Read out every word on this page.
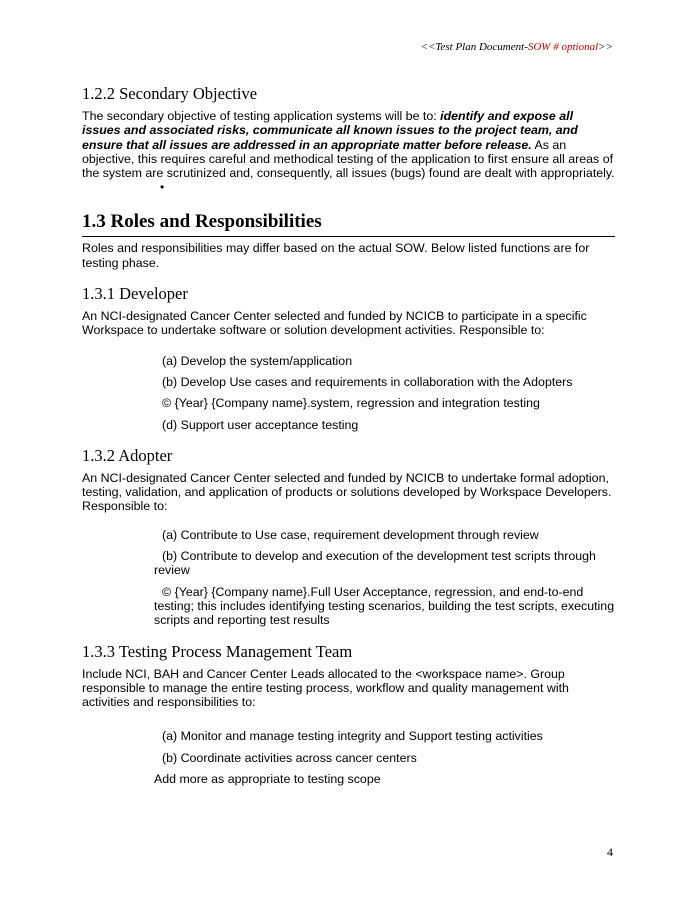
<<Test Plan Document-SOW # optional>>
1.2.2 Secondary Objective

The secondary objective of testing application systems will be to: identify and expose all issues and associated risks, communicate all known issues to the project team, and ensure that all issues are addressed in an appropriate matter before release. As an objective, this requires careful and methodical testing of the application to first ensure all areas of the system are scrutinized and, consequently, all issues (bugs) found are dealt with appropriately.

•
1.3 Roles and Responsibilities

Roles and responsibilities may differ based on the actual SOW. Below listed functions are for testing phase.

1.3.1 Developer

An NCI-designated Cancer Center selected and funded by NCICB to participate in a specific Workspace to undertake software or solution development activities. Responsible to:

(a) Develop the system/application

(b) Develop Use cases and requirements in collaboration with the Adopters

© {Year} {Company name}.system, regression and integration testing

(d) Support user acceptance testing

1.3.2 Adopter

An NCI-designated Cancer Center selected and funded by NCICB to undertake formal adoption, testing, validation, and application of products or solutions developed by Workspace Developers. Responsible to:

(a) Contribute to Use case, requirement development through review

(b) Contribute to develop and execution of the development test scripts through review

© {Year} {Company name}.Full User Acceptance, regression, and end-to-end testing; this includes identifying testing scenarios, building the test scripts, executing scripts and reporting test results

1.3.3 Testing Process Management Team

Include NCI, BAH and Cancer Center Leads allocated to the <workspace name>. Group responsible to manage the entire testing process, workflow and quality management with activities and responsibilities to:

(a) Monitor and manage testing integrity and Support testing activities

(b) Coordinate activities across cancer centers

Add more as appropriate to testing scope

4
